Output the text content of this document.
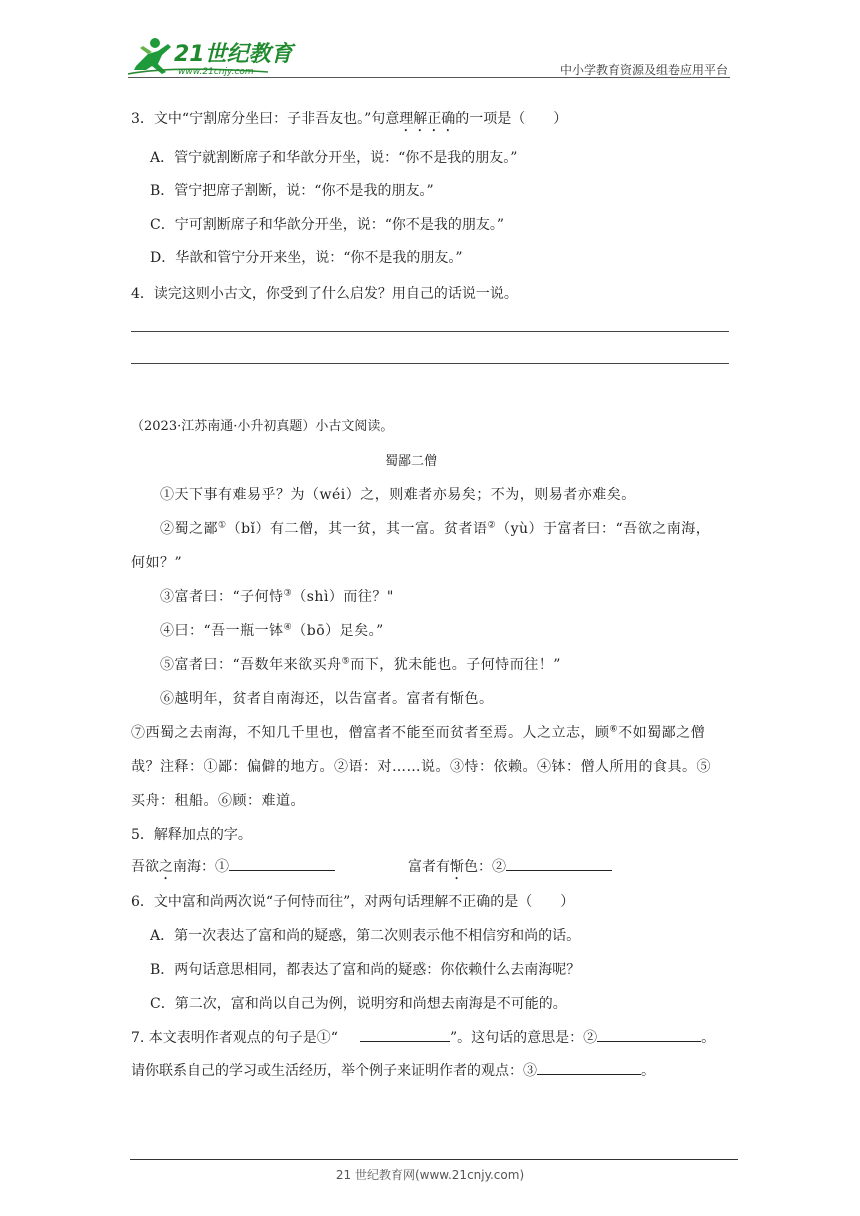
21世纪教育
www.21cnjy.com	中小学教育资源及组卷应用平台
3．文中“宁割席分坐曰：子非吾友也。”句意理解正确的一项是（　　）
A．管宁就割断席子和华歆分开坐，说：“你不是我的朋友。”
B．管宁把席子割断，说：“你不是我的朋友。”
C．宁可割断席子和华歆分开坐，说：“你不是我的朋友。”
D．华歆和管宁分开来坐，说：“你不是我的朋友。”
4．读完这则小古文，你受到了什么启发？用自己的话说一说。
（2023·江苏南通·小升初真题）小古文阅读。
蜀鄙二僧
①天下事有难易乎？为（wéi）之，则难者亦易矣；不为，则易者亦难矣。
②蜀之鄙①（bǐ）有二僧，其一贫，其一富。贫者语②（yù）于富者曰：“吾欲之南海，
何如？”
③富者曰：“子何恃③（shì）而往？"
④曰：“吾一瓶一钵④（bō）足矣。”
⑤富者曰：“吾数年来欲买舟⑤而下，犹未能也。子何恃而往！”
⑥越明年，贫者自南海还，以告富者。富者有惭色。
⑦西蜀之去南海，不知几千里也，僧富者不能至而贫者至焉。人之立志，顾⑥不如蜀鄙之僧
哉？注释：①鄙：偏僻的地方。②语：对……说。③恃：依赖。④钵：僧人所用的食具。⑤
买舟：租船。⑥顾：难道。
5．解释加点的字。
吾欲之南海：①	富者有惭色：②
6．文中富和尚两次说“子何恃而往”，对两句话理解不正确的是（　　）
A．第一次表达了富和尚的疑惑，第二次则表示他不相信穷和尚的话。
B．两句话意思相同，都表达了富和尚的疑惑：你依赖什么去南海呢？
C．第二次，富和尚以自己为例，说明穷和尚想去南海是不可能的。
7. 本文表明作者观点的句子是①“	”。这句话的意思是：②	。
请你联系自己的学习或生活经历，举个例子来证明作者的观点：③	。
21 世纪教育网(www.21cnjy.com)
